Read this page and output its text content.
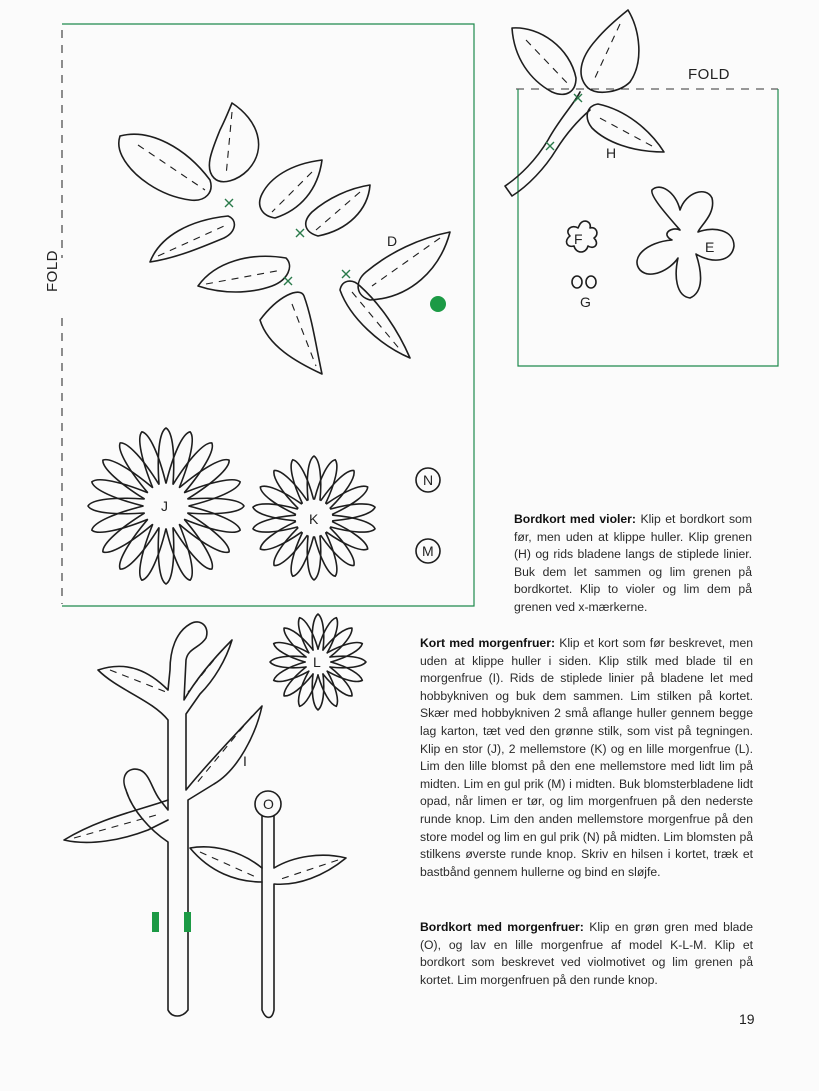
D
H
F
G
E
J
K
N
M
L
I
O
FOLD
FOLD
Bordkort med violer: Klip et bordkort som før, men uden at klippe huller. Klip grenen (H) og rids bladene langs de stiplede linier. Buk dem let sammen og lim grenen på bordkortet. Klip to violer og lim dem på grenen ved x-mærkerne.
Kort med morgenfruer: Klip et kort som før beskrevet, men uden at klippe huller i siden. Klip stilk med blade til en morgenfrue (I). Rids de stiplede linier på bladene let med hobbykniven og buk dem sammen. Lim stilken på kortet. Skær med hobbykniven 2 små aflange huller gennem begge lag karton, tæt ved den grønne stilk, som vist på tegningen. Klip en stor (J), 2 mellemstore (K) og en lille morgenfrue (L). Lim den lille blomst på den ene mellemstore med lidt lim på midten. Lim en gul prik (M) i midten. Buk blomsterbladene lidt opad, når limen er tør, og lim morgenfruen på den nederste runde knop. Lim den anden mellemstore morgenfrue på den store model og lim en gul prik (N) på midten. Lim blomsten på stilkens øverste runde knop. Skriv en hilsen i kortet, træk et bastbånd gennem hullerne og bind en sløjfe.
Bordkort med morgenfruer: Klip en grøn gren med blade (O), og lav en lille morgenfrue af model K-L-M. Klip et bordkort som beskrevet ved violmotivet og lim grenen på kortet. Lim morgenfruen på den runde knop.
19
